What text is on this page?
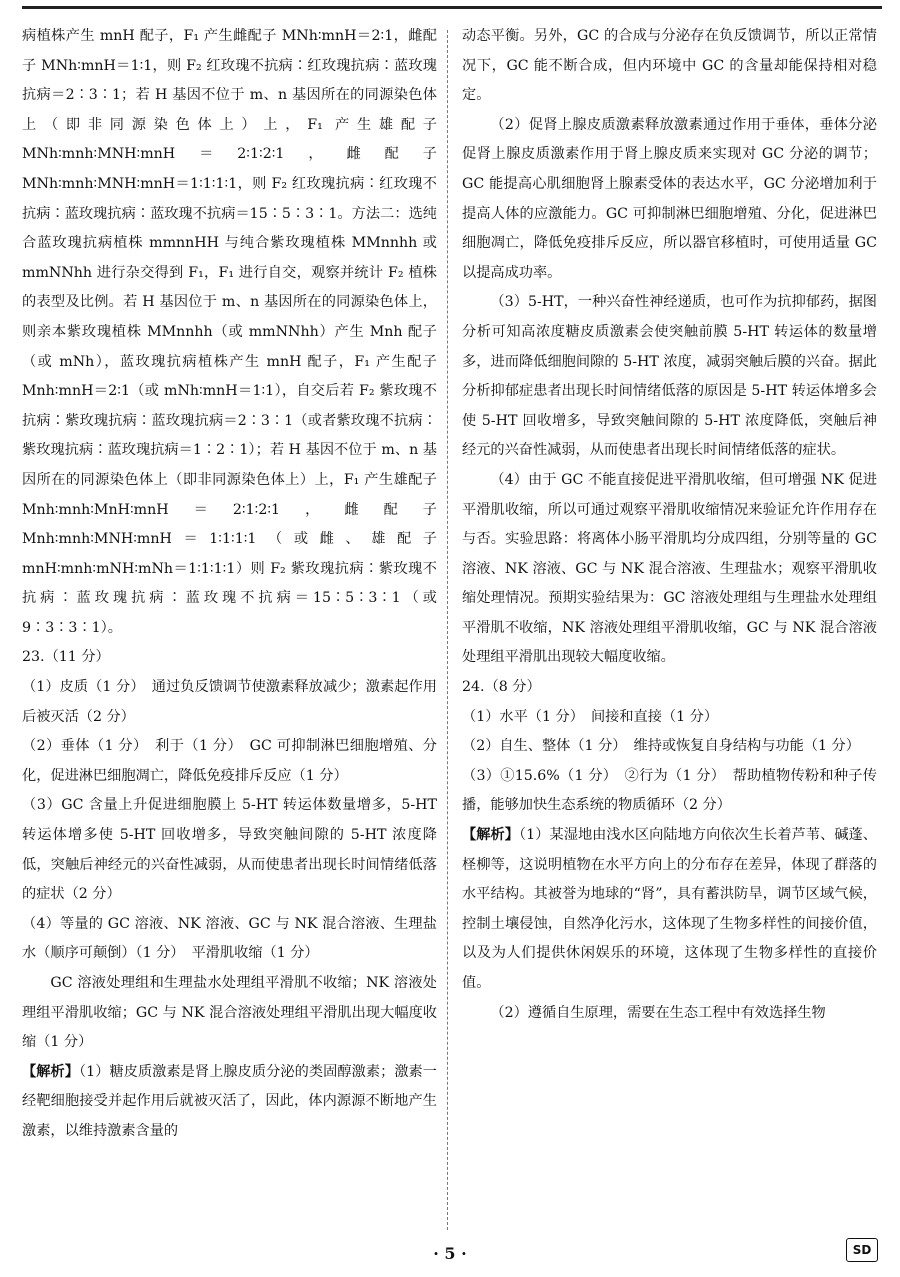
病植株产生 mnH 配子，F₁ 产生雌配子 MNh∶mnH＝2∶1，雌配子 MNh∶mnH＝1∶1，则 F₂ 红玫瑰不抗病∶红玫瑰抗病∶蓝玫瑰抗病＝2∶3∶1；若 H 基因不位于 m、n 基因所在的同源染色体上（即非同源染色体上）上，F₁ 产生雄配子 MNh∶mnh∶MNH∶mnH＝2∶1∶2∶1，雌配子 MNh∶mnh∶MNH∶mnH＝1∶1∶1∶1，则 F₂ 红玫瑰抗病∶红玫瑰不抗病∶蓝玫瑰抗病∶蓝玫瑰不抗病＝15∶5∶3∶1。方法二：选纯合蓝玫瑰抗病植株 mmnnHH 与纯合紫玫瑰植株 MMnnhh 或 mmNNhh 进行杂交得到 F₁，F₁ 进行自交，观察并统计 F₂ 植株的表型及比例。若 H 基因位于 m、n 基因所在的同源染色体上，则亲本紫玫瑰植株 MMnnhh（或 mmNNhh）产生 Mnh 配子（或 mNh），蓝玫瑰抗病植株产生 mnH 配子，F₁ 产生配子 Mnh∶mnH＝2∶1（或 mNh∶mnH＝1∶1），自交后若 F₂ 紫玫瑰不抗病∶紫玫瑰抗病∶蓝玫瑰抗病＝2∶3∶1（或者紫玫瑰不抗病∶紫玫瑰抗病∶蓝玫瑰抗病＝1∶2∶1）；若 H 基因不位于 m、n 基因所在的同源染色体上（即非同源染色体上）上，F₁ 产生雄配子 Mnh∶mnh∶MnH∶mnH＝2∶1∶2∶1，雌配子 Mnh∶mnh∶MNH∶mnH＝1∶1∶1∶1（或雌、雄配子 mnH∶mnh∶mNH∶mNh＝1∶1∶1∶1）则 F₂ 紫玫瑰抗病∶紫玫瑰不抗病∶蓝玫瑰抗病∶蓝玫瑰不抗病＝15∶5∶3∶1（或 9∶3∶3∶1）。

23.（11 分）

（1）皮质（1 分）　通过负反馈调节使激素释放减少；激素起作用后被灭活（2 分）

（2）垂体（1 分）　利于（1 分）　GC 可抑制淋巴细胞增殖、分化，促进淋巴细胞凋亡，降低免疫排斥反应（1 分）

（3）GC 含量上升促进细胞膜上 5-HT 转运体数量增多，5-HT 转运体增多使 5-HT 回收增多，导致突触间隙的 5-HT 浓度降低，突触后神经元的兴奋性减弱，从而使患者出现长时间情绪低落的症状（2 分）

（4）等量的 GC 溶液、NK 溶液、GC 与 NK 混合溶液、生理盐水（顺序可颠倒）（1 分）　平滑肌收缩（1 分）

GC 溶液处理组和生理盐水处理组平滑肌不收缩；NK 溶液处理组平滑肌收缩；GC 与 NK 混合溶液处理组平滑肌出现大幅度收缩（1 分）

【解析】（1）糖皮质激素是肾上腺皮质分泌的类固醇激素；激素一经靶细胞接受并起作用后就被灭活了，因此，体内源源不断地产生激素，以维持激素含量的

动态平衡。另外，GC 的合成与分泌存在负反馈调节，所以正常情况下，GC 能不断合成，但内环境中 GC 的含量却能保持相对稳定。

（2）促肾上腺皮质激素释放激素通过作用于垂体，垂体分泌促肾上腺皮质激素作用于肾上腺皮质来实现对 GC 分泌的调节；GC 能提高心肌细胞肾上腺素受体的表达水平，GC 分泌增加利于提高人体的应激能力。GC 可抑制淋巴细胞增殖、分化，促进淋巴细胞凋亡，降低免疫排斥反应，所以器官移植时，可使用适量 GC 以提高成功率。

（3）5-HT，一种兴奋性神经递质，也可作为抗抑郁药，据图分析可知高浓度糖皮质激素会使突触前膜 5-HT 转运体的数量增多，进而降低细胞间隙的 5-HT 浓度，减弱突触后膜的兴奋。据此分析抑郁症患者出现长时间情绪低落的原因是 5-HT 转运体增多会使 5-HT 回收增多，导致突触间隙的 5-HT 浓度降低，突触后神经元的兴奋性减弱，从而使患者出现长时间情绪低落的症状。

（4）由于 GC 不能直接促进平滑肌收缩，但可增强 NK 促进平滑肌收缩，所以可通过观察平滑肌收缩情况来验证允许作用存在与否。实验思路：将离体小肠平滑肌均分成四组，分别等量的 GC 溶液、NK 溶液、GC 与 NK 混合溶液、生理盐水；观察平滑肌收缩处理情况。预期实验结果为：GC 溶液处理组与生理盐水处理组平滑肌不收缩，NK 溶液处理组平滑肌收缩，GC 与 NK 混合溶液处理组平滑肌出现较大幅度收缩。

24.（8 分）

（1）水平（1 分）　间接和直接（1 分）

（2）自生、整体（1 分）　维持或恢复自身结构与功能（1 分）

（3）①15.6%（1 分）　②行为（1 分）　帮助植物传粉和种子传播，能够加快生态系统的物质循环（2 分）

【解析】（1）某湿地由浅水区向陆地方向依次生长着芦苇、碱蓬、柽柳等，这说明植物在水平方向上的分布存在差异，体现了群落的水平结构。其被誉为地球的“肾”，具有蓄洪防旱，调节区域气候，控制土壤侵蚀，自然净化污水，这体现了生物多样性的间接价值，以及为人们提供休闲娱乐的环境，这体现了生物多样性的直接价值。

（2）遵循自生原理，需要在生态工程中有效选择生物

· 5 ·	SD
